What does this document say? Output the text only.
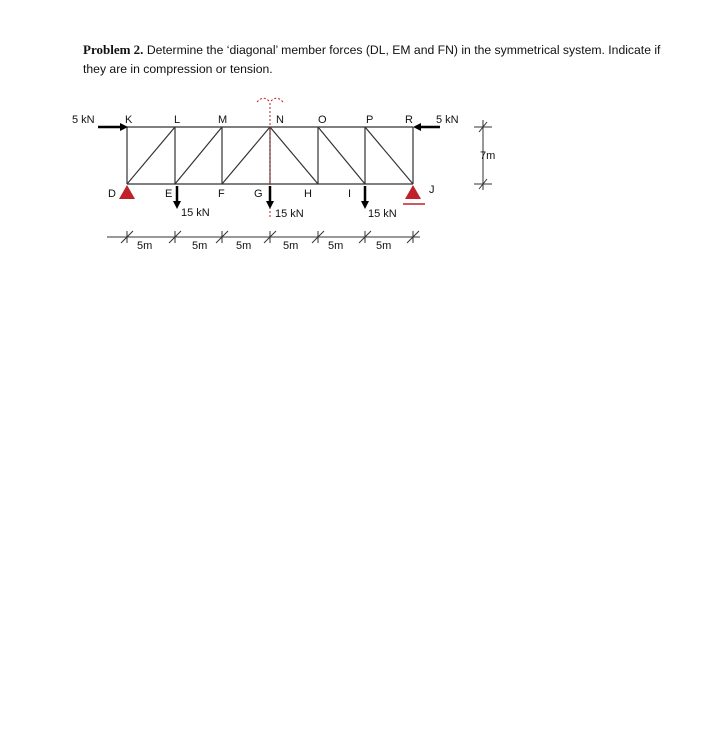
Problem 2. Determine the ‘diagonal’ member forces (DL, EM and FN) in the symmetrical system. Indicate if they are in compression or tension.
K	L	M	N	O	P	R
D	E	F	G	H	I	J
5 kN	5 kN
15 kN	15 kN	15 kN
7m
5m	5m	5m	5m	5m	5m
